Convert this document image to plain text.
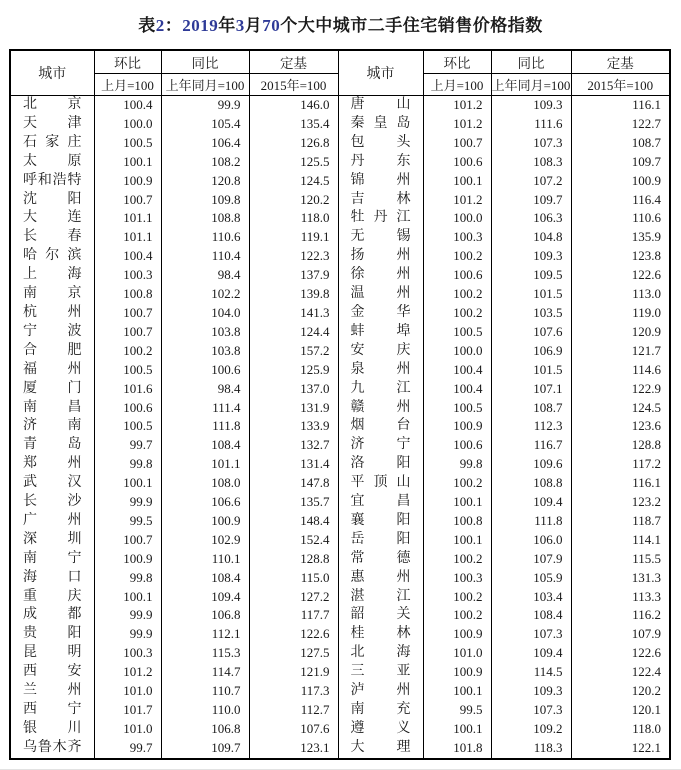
表2：2019年3月70个大中城市二手住宅销售价格指数
城市	环比	同比	定基	城市	环比	同比	定基
	上月=100	上年同月=100	2015年=100		上月=100	上年同月=100	2015年=100

北 京	100.4	99.9	146.0	唐 山	101.2	109.3	116.1

天 津	100.0	105.4	135.4	秦 皇 岛	101.2	111.6	122.7

石 家 庄	100.5	106.4	126.8	包 头	100.7	107.3	108.7

太 原	100.1	108.2	125.5	丹 东	100.6	108.3	109.7

呼 和 浩 特	100.9	120.8	124.5	锦 州	100.1	107.2	100.9

沈 阳	100.7	109.8	120.2	吉 林	101.2	109.7	116.4

大 连	101.1	108.8	118.0	牡 丹 江	100.0	106.3	110.6

长 春	101.1	110.6	119.1	无 锡	100.3	104.8	135.9

哈 尔 滨	100.4	110.4	122.3	扬 州	100.2	109.3	123.8

上 海	100.3	98.4	137.9	徐 州	100.6	109.5	122.6

南 京	100.8	102.2	139.8	温 州	100.2	101.5	113.0

杭 州	100.7	104.0	141.3	金 华	100.2	103.5	119.0

宁 波	100.7	103.8	124.4	蚌 埠	100.5	107.6	120.9

合 肥	100.2	103.8	157.2	安 庆	100.0	106.9	121.7

福 州	100.5	100.6	125.9	泉 州	100.4	101.5	114.6

厦 门	101.6	98.4	137.0	九 江	100.4	107.1	122.9

南 昌	100.6	111.4	131.9	赣 州	100.5	108.7	124.5

济 南	100.5	111.8	133.9	烟 台	100.9	112.3	123.6

青 岛	99.7	108.4	132.7	济 宁	100.6	116.7	128.8

郑 州	99.8	101.1	131.4	洛 阳	99.8	109.6	117.2

武 汉	100.1	108.0	147.8	平 顶 山	100.2	108.8	116.1

长 沙	99.9	106.6	135.7	宜 昌	100.1	109.4	123.2

广 州	99.5	100.9	148.4	襄 阳	100.8	111.8	118.7

深 圳	100.7	102.9	152.4	岳 阳	100.1	106.0	114.1

南 宁	100.9	110.1	128.8	常 德	100.2	107.9	115.5

海 口	99.8	108.4	115.0	惠 州	100.3	105.9	131.3

重 庆	100.1	109.4	127.2	湛 江	100.2	103.4	113.3

成 都	99.9	106.8	117.7	韶 关	100.2	108.4	116.2

贵 阳	99.9	112.1	122.6	桂 林	100.9	107.3	107.9

昆 明	100.3	115.3	127.5	北 海	101.0	109.4	122.6

西 安	101.2	114.7	121.9	三 亚	100.9	114.5	122.4

兰 州	101.0	110.7	117.3	泸 州	100.1	109.3	120.2

西 宁	101.7	110.0	112.7	南 充	99.5	107.3	120.1

银 川	101.0	106.8	107.6	遵 义	100.1	109.2	118.0

乌 鲁 木 齐	99.7	109.7	123.1	大 理	101.8	118.3	122.1
